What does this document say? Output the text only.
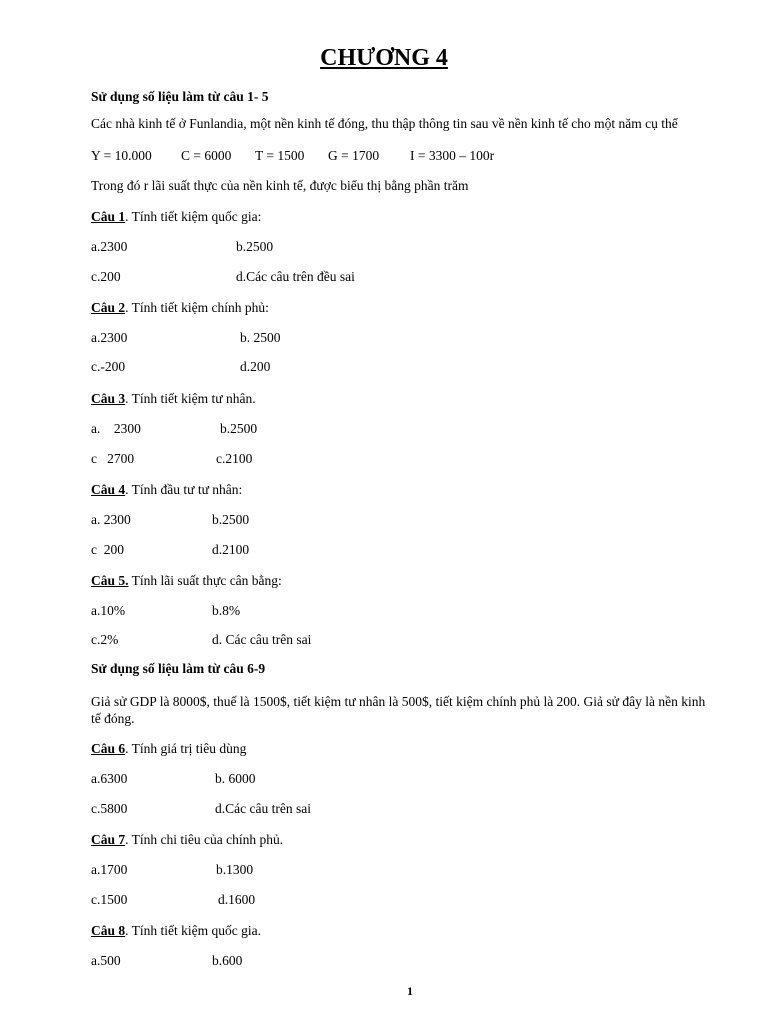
CHƯƠNG 4
Sử dụng số liệu làm từ câu 1- 5
Các nhà kinh tế ở Funlandia, một nền kinh tế đóng, thu thập thông tin sau về nền kinh tế cho một năm cụ thể
Y = 10.000 C = 6000 T = 1500 G = 1700 I = 3300 – 100r
Trong đó r lãi suất thực của nền kinh tế, được biểu thị bằng phần trăm
Câu 1. Tính tiết kiệm quốc gia:
a.2300	b.2500
c.200	d.Các câu trên đều sai
Câu 2. Tính tiết kiệm chính phủ:
a.2300	b. 2500
c.-200	d.200
Câu 3. Tính tiết kiệm tư nhân.
a.    2300	b.2500
c   2700	c.2100
Câu 4. Tính đầu tư tư nhân:
a. 2300	b.2500
c  200	d.2100
Câu 5. Tính lãi suất thực cân bằng:
a.10%	b.8%
c.2%	d. Các câu trên sai
Sử dụng số liệu làm từ câu 6-9
Giả sử GDP là 8000$, thuế là 1500$, tiết kiệm tư nhân là 500$, tiết kiệm chính phủ là 200. Giả sử đây là nền kinh tế đóng.
Câu 6. Tính giá trị tiêu dùng
a.6300	b. 6000
c.5800	d.Các câu trên sai
Câu 7. Tính chi tiêu của chính phủ.
a.1700	b.1300
c.1500	d.1600
Câu 8. Tính tiết kiệm quốc gia.
a.500	b.600
1
